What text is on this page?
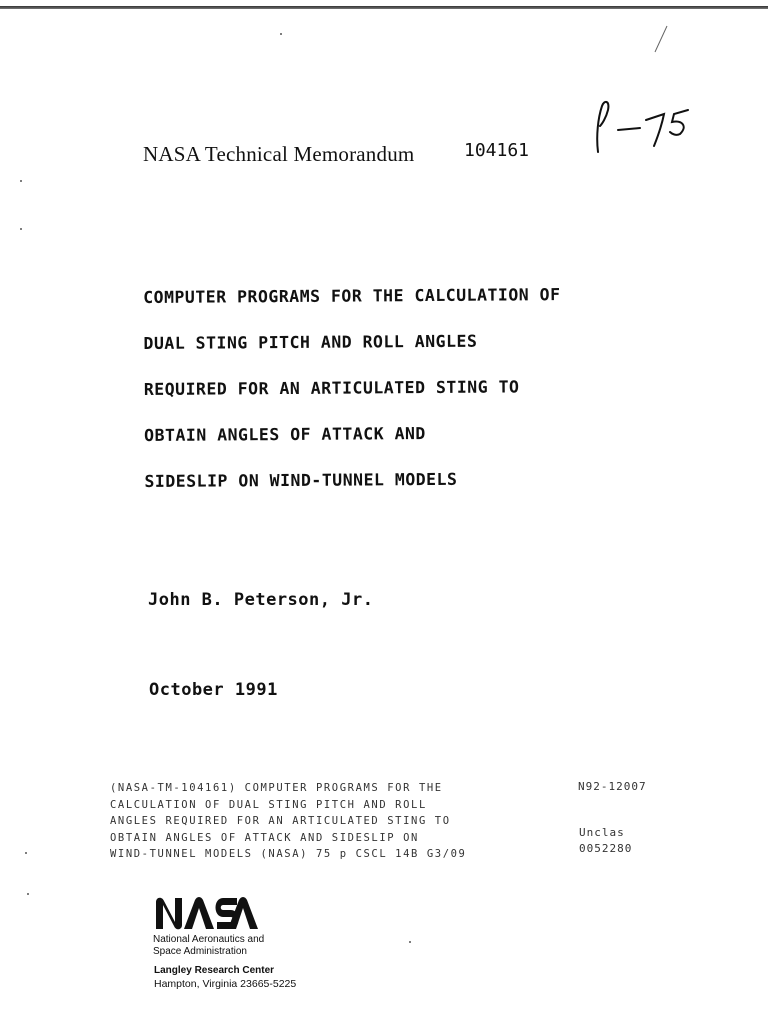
NASA Technical Memorandum	104161
COMPUTER PROGRAMS FOR THE CALCULATION OF
DUAL STING PITCH AND ROLL ANGLES
REQUIRED FOR AN ARTICULATED STING TO
OBTAIN ANGLES OF ATTACK AND
SIDESLIP ON WIND-TUNNEL MODELS
John B. Peterson, Jr.
October 1991
(NASA-TM-104161) COMPUTER PROGRAMS FOR THE
CALCULATION OF DUAL STING PITCH AND ROLL
ANGLES REQUIRED FOR AN ARTICULATED STING TO
OBTAIN ANGLES OF ATTACK AND SIDESLIP ON
WIND-TUNNEL MODELS (NASA) 75 p CSCL 14B G3/09
N92-12007
Unclas
0052280
National Aeronautics and
Space Administration
Langley Research Center
Hampton, Virginia 23665-5225
